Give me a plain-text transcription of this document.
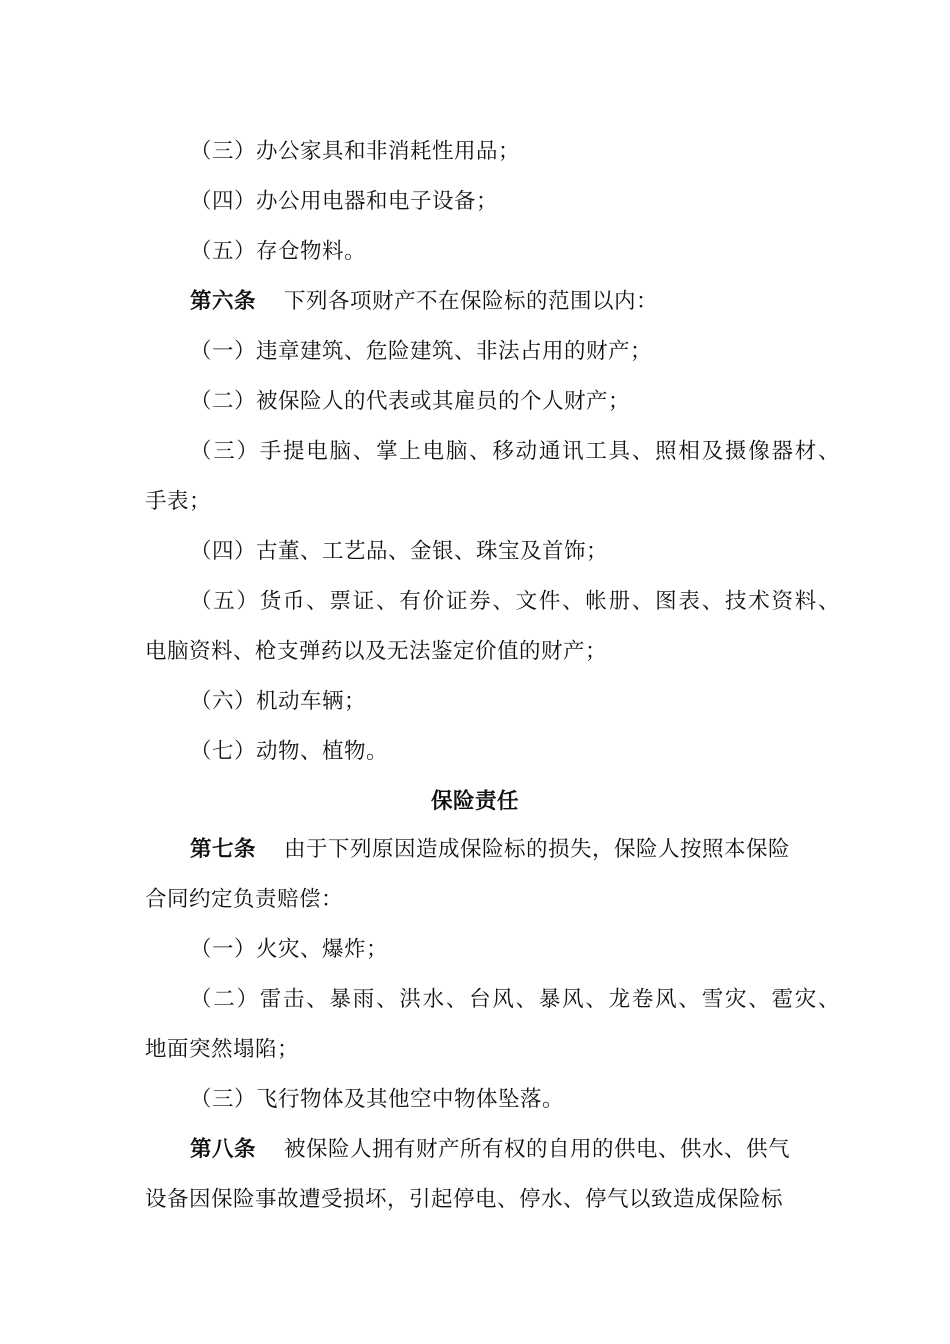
（三）办公家具和非消耗性用品；
（四）办公用电器和电子设备；
（五）存仓物料。
第六条 下列各项财产不在保险标的范围以内：
（一）违章建筑、危险建筑、非法占用的财产；
（二）被保险人的代表或其雇员的个人财产；
（三）手提电脑、掌上电脑、移动通讯工具、照相及摄像器材、
手表；
（四）古董、工艺品、金银、珠宝及首饰；
（五）货币、票证、有价证券、文件、帐册、图表、技术资料、
电脑资料、枪支弹药以及无法鉴定价值的财产；
（六）机动车辆；
（七）动物、植物。
保险责任
第七条 由于下列原因造成保险标的损失，保险人按照本保险
合同约定负责赔偿：
（一）火灾、爆炸；
（二）雷击、暴雨、洪水、台风、暴风、龙卷风、雪灾、雹灾、
地面突然塌陷；
（三）飞行物体及其他空中物体坠落。
第八条 被保险人拥有财产所有权的自用的供电、供水、供气
设备因保险事故遭受损坏，引起停电、停水、停气以致造成保险标
